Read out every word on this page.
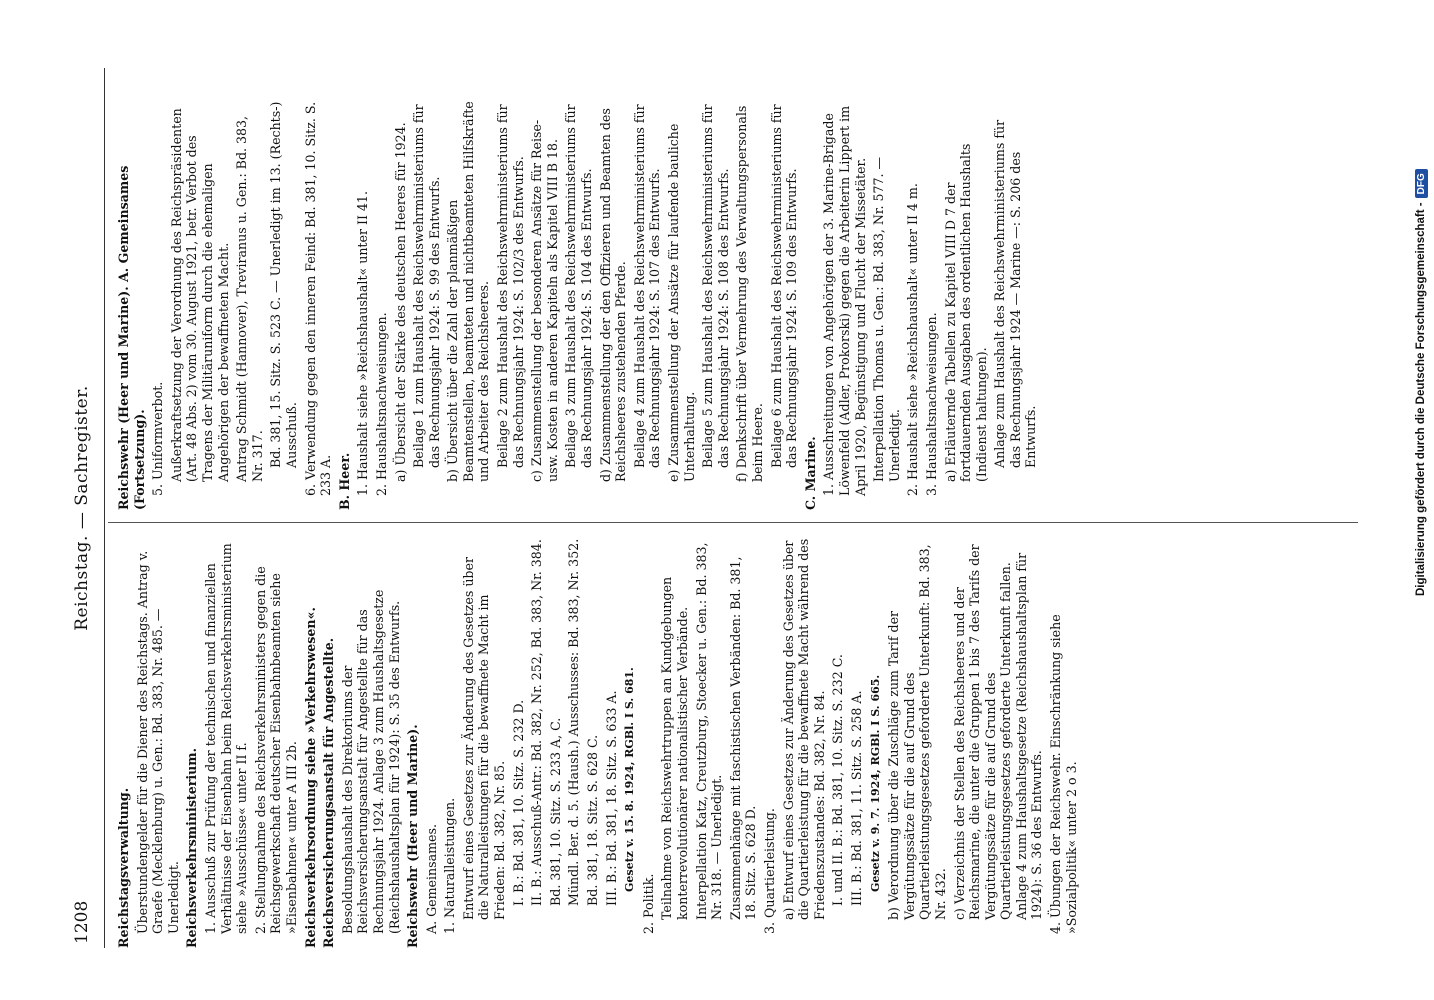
1208
Reichstag. — Sachregister.
Reichstagsverwaltung. Überstundengelder für die Diener des Reichstags. Antrag v. Graefe (Mecklenburg) u. Gen.: Bd. 383, Nr. 485. — Unerledigt. Reichsverkehrsministerium. 1. Ausschuß zur Prüfung der technischen und finanziellen Verhältnisse der Eisenbahn beim Reichsverkehrsministerium siehe »Ausschüsse« unter II f. 2. Stellungnahme des Reichsverkehrsministers gegen die Reichsgewerkschaft deutscher Eisenbahnbeamten siehe »Eisenbahnen« unter A III 2b. Reichsverkehrsordnung siehe »Verkehrswesen«. Reichsversicherungsanstalt für Angestellte. Besoldungshaushalt des Direktoriums der Reichsversicherungsanstalt für Angestellte für das Rechnungsjahr 1924. Anlage 3 zum Haushaltsgesetze (Reichshaushaltsplan für 1924): S. 35 des Entwurfs. Reichswehr (Heer und Marine). A. Gemeinsames. 1. Naturalleistungen. Entwurf eines Gesetzes zur Änderung des Gesetzes über die Naturalleistungen für die bewaffnete Macht im Frieden: Bd. 382, Nr. 85. I. B.: Bd. 381, 10. Sitz. S. 232 D. II. B.: Ausschuß-Antr.: Bd. 382, Nr. 252, Bd. 383, Nr. 384. Bd. 381, 10. Sitz. S. 233 A, C. Mündl. Ber. d. 5. (Haush.) Ausschusses: Bd. 383, Nr. 352. Bd. 381, 18. Sitz. S. 628 C. III. B.: Bd. 381, 18. Sitz. S. 633 A. Gesetz v. 15. 8. 1924, RGBl. I S. 681.
2. Politik. Teilnahme von Reichswehrtruppen an Kundgebungen konterrevolutionärer nationalistischer Verbände. Interpellation Katz, Creutzburg, Stoecker u. Gen.: Bd. 383, Nr. 318. — Unerledigt. Zusammenhänge mit faschistischen Verbänden: Bd. 381, 18. Sitz. S. 628 D. 3. Quartierleistung. a) Entwurf eines Gesetzes zur Änderung des Gesetzes über die Quartierleistung für die bewaffnete Macht während des Friedenszustandes: Bd. 382, Nr. 84. I. und II. B.: Bd. 381, 10. Sitz. S. 232 C. III. B.: Bd. 381, 11. Sitz. S. 258 A. Gesetz v. 9. 7. 1924, RGBl. I S. 665. b) Verordnung über die Zuschläge zum Tarif der Vergütungssätze für die auf Grund des Quartierleistungsgesetzes geforderte Unterkunft: Bd. 383, Nr. 432. c) Verzeichnis der Stellen des Reichsheeres und der Reichsmarine, die unter die Gruppen 1 bis 7 des Tarifs der Vergütungssätze für die auf Grund des Quartierleistungsgesetzes geforderte Unterkunft fallen. Anlage 4 zum Haushaltsgesetze (Reichshaushaltsplan für 1924): S. 36 des Entwurfs. 4. Übungen der Reichswehr. Einschränkung siehe »Sozialpolitik« unter 2 o 3.
Reichswehr (Heer und Marine). A. Gemeinsames (Fortsetzung). 5. Uniformverbot. Außerkraftsetzung der Verordnung des Reichspräsidenten (Art. 48 Abs. 2) vom 30. August 1921, betr. Verbot des Tragens der Militäruniform durch die ehemaligen Angehörigen der bewaffneten Macht. Antrag Schmidt (Hannover), Treviranus u. Gen.: Bd. 383, Nr. 317. Bd. 381, 15. Sitz. S. 523 C. — Unerledigt im 13. (Rechts-) Ausschuß. 6. Verwendung gegen den inneren Feind: Bd. 381, 10. Sitz. S. 233 A. B. Heer. 1. Haushalt siehe »Reichshaushalt« unter II 41. 2. Haushaltsnachweisungen. a) Übersicht der Stärke des deutschen Heeres für 1924. Beilage 1 zum Haushalt des Reichswehrministeriums für das Rechnungsjahr 1924: S. 99 des Entwurfs. b) Übersicht über die Zahl der planmäßigen Beamtenstellen, beamteten und nichtbeamteten Hilfskräfte und Arbeiter des Reichsheeres. Beilage 2 zum Haushalt des Reichswehrministeriums für das Rechnungsjahr 1924: S. 102/3 des Entwurfs. c) Zusammenstellung der besonderen Ansätze für Reise- usw. Kosten in anderen Kapiteln als Kapitel VIII B 18. Beilage 3 zum Haushalt des Reichswehrministeriums für das Rechnungsjahr 1924: S. 104 des Entwurfs. d) Zusammenstellung der den Offizieren und Beamten des Reichsheeres zustehenden Pferde. Beilage 4 zum Haushalt des Reichswehrministeriums für das Rechnungsjahr 1924: S. 107 des Entwurfs. e) Zusammenstellung der Ansätze für laufende bauliche Unterhaltung. Beilage 5 zum Haushalt des Reichswehrministeriums für das Rechnungsjahr 1924: S. 108 des Entwurfs. f) Denkschrift über Vermehrung des Verwaltungspersonals beim Heere. Beilage 6 zum Haushalt des Reichswehrministeriums für das Rechnungsjahr 1924: S. 109 des Entwurfs.
C. Marine. 1. Ausschreitungen von Angehörigen der 3. Marine-Brigade Löwenfeld (Adler, Prokorski) gegen die Arbeiterin Lippert im April 1920, Begünstigung und Flucht der Missetäter. Interpellation Thomas u. Gen.: Bd. 383, Nr. 577. — Unerledigt. 2. Haushalt siehe »Reichshaushalt« unter II 4 m. 3. Haushaltsnachweisungen. a) Erläuternde Tabellen zu Kapitel VIII D 7 der fortdauernden Ausgaben des ordentlichen Haushalts (Indienst haltungen). Anlage zum Haushalt des Reichswehrministeriums für das Rechnungsjahr 1924 — Marine —: S. 206 des Entwurfs.	Digitalisierung gefördert durch die Deutsche Forschungsgemeinschaft -
DFG
